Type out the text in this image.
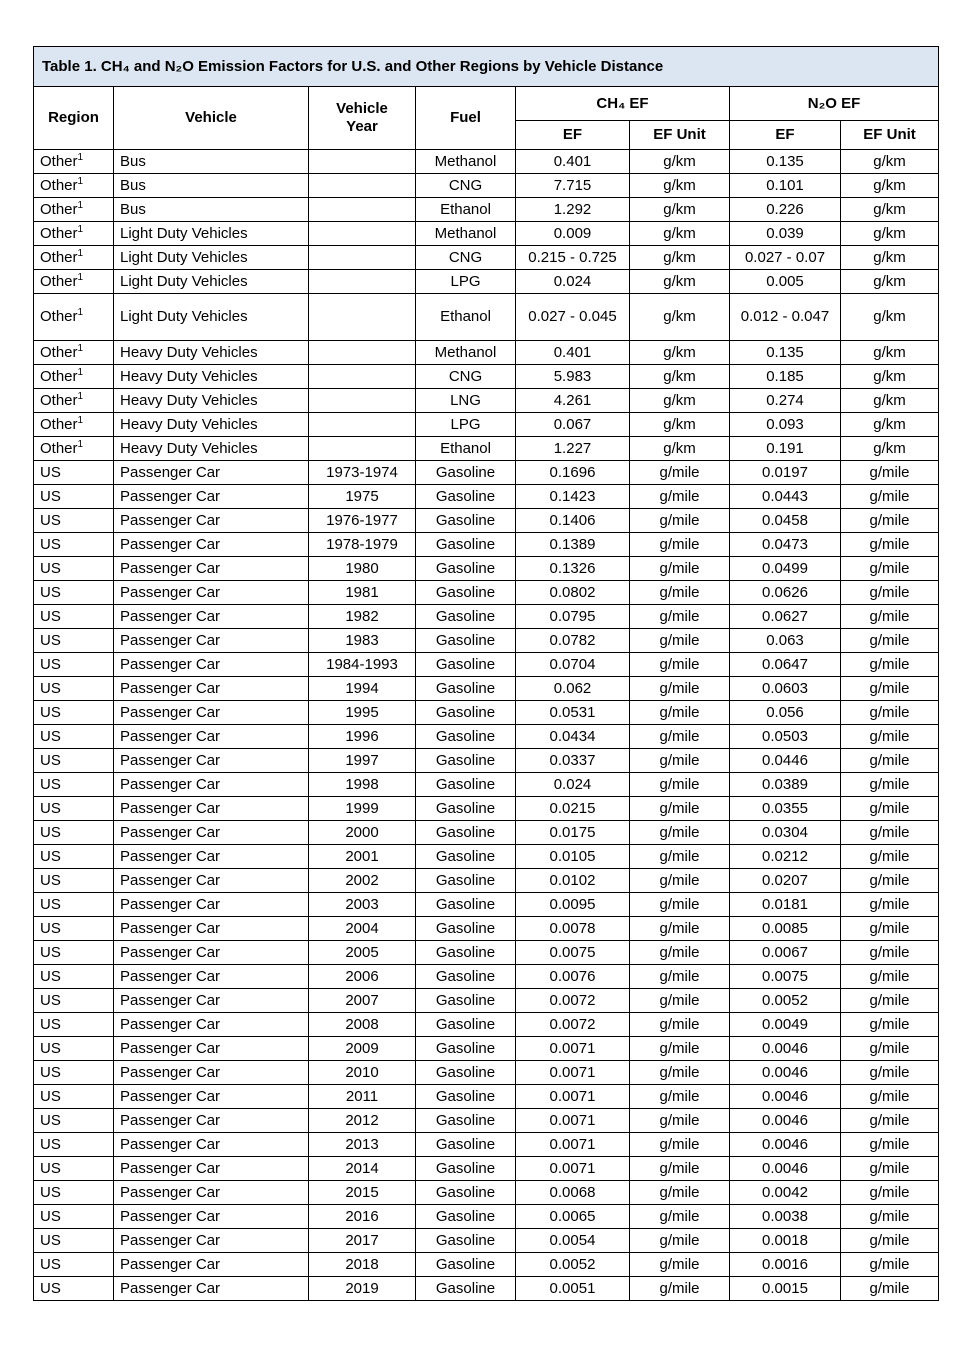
Table 1. CH₄ and N₂O Emission Factors for U.S. and Other Regions by Vehicle Distance							
Region	Vehicle	Vehicle Year	Fuel	CH₄ EF		N₂O EF	
				EF	EF Unit	EF	EF Unit
Other$^1$	Bus		Methanol	0.401	g/km	0.135	g/km
Other$^1$	Bus		CNG	7.715	g/km	0.101	g/km
Other$^1$	Bus		Ethanol	1.292	g/km	0.226	g/km
Other$^1$	Light Duty Vehicles		Methanol	0.009	g/km	0.039	g/km
Other$^1$	Light Duty Vehicles		CNG	0.215 - 0.725	g/km	0.027 - 0.07	g/km
Other$^1$	Light Duty Vehicles		LPG	0.024	g/km	0.005	g/km
Other$^1$	Light Duty Vehicles		Ethanol	0.027 - 0.045	g/km	0.012 - 0.047	g/km
Other$^1$	Heavy Duty Vehicles		Methanol	0.401	g/km	0.135	g/km
Other$^1$	Heavy Duty Vehicles		CNG	5.983	g/km	0.185	g/km
Other$^1$	Heavy Duty Vehicles		LNG	4.261	g/km	0.274	g/km
Other$^1$	Heavy Duty Vehicles		LPG	0.067	g/km	0.093	g/km
Other$^1$	Heavy Duty Vehicles		Ethanol	1.227	g/km	0.191	g/km
US	Passenger Car	1973-1974	Gasoline	0.1696	g/mile	0.0197	g/mile
US	Passenger Car	1975	Gasoline	0.1423	g/mile	0.0443	g/mile
US	Passenger Car	1976-1977	Gasoline	0.1406	g/mile	0.0458	g/mile
US	Passenger Car	1978-1979	Gasoline	0.1389	g/mile	0.0473	g/mile
US	Passenger Car	1980	Gasoline	0.1326	g/mile	0.0499	g/mile
US	Passenger Car	1981	Gasoline	0.0802	g/mile	0.0626	g/mile
US	Passenger Car	1982	Gasoline	0.0795	g/mile	0.0627	g/mile
US	Passenger Car	1983	Gasoline	0.0782	g/mile	0.063	g/mile
US	Passenger Car	1984-1993	Gasoline	0.0704	g/mile	0.0647	g/mile
US	Passenger Car	1994	Gasoline	0.062	g/mile	0.0603	g/mile
US	Passenger Car	1995	Gasoline	0.0531	g/mile	0.056	g/mile
US	Passenger Car	1996	Gasoline	0.0434	g/mile	0.0503	g/mile
US	Passenger Car	1997	Gasoline	0.0337	g/mile	0.0446	g/mile
US	Passenger Car	1998	Gasoline	0.024	g/mile	0.0389	g/mile
US	Passenger Car	1999	Gasoline	0.0215	g/mile	0.0355	g/mile
US	Passenger Car	2000	Gasoline	0.0175	g/mile	0.0304	g/mile
US	Passenger Car	2001	Gasoline	0.0105	g/mile	0.0212	g/mile
US	Passenger Car	2002	Gasoline	0.0102	g/mile	0.0207	g/mile
US	Passenger Car	2003	Gasoline	0.0095	g/mile	0.0181	g/mile
US	Passenger Car	2004	Gasoline	0.0078	g/mile	0.0085	g/mile
US	Passenger Car	2005	Gasoline	0.0075	g/mile	0.0067	g/mile
US	Passenger Car	2006	Gasoline	0.0076	g/mile	0.0075	g/mile
US	Passenger Car	2007	Gasoline	0.0072	g/mile	0.0052	g/mile
US	Passenger Car	2008	Gasoline	0.0072	g/mile	0.0049	g/mile
US	Passenger Car	2009	Gasoline	0.0071	g/mile	0.0046	g/mile
US	Passenger Car	2010	Gasoline	0.0071	g/mile	0.0046	g/mile
US	Passenger Car	2011	Gasoline	0.0071	g/mile	0.0046	g/mile
US	Passenger Car	2012	Gasoline	0.0071	g/mile	0.0046	g/mile
US	Passenger Car	2013	Gasoline	0.0071	g/mile	0.0046	g/mile
US	Passenger Car	2014	Gasoline	0.0071	g/mile	0.0046	g/mile
US	Passenger Car	2015	Gasoline	0.0068	g/mile	0.0042	g/mile
US	Passenger Car	2016	Gasoline	0.0065	g/mile	0.0038	g/mile
US	Passenger Car	2017	Gasoline	0.0054	g/mile	0.0018	g/mile
US	Passenger Car	2018	Gasoline	0.0052	g/mile	0.0016	g/mile
US	Passenger Car	2019	Gasoline	0.0051	g/mile	0.0015	g/mile
